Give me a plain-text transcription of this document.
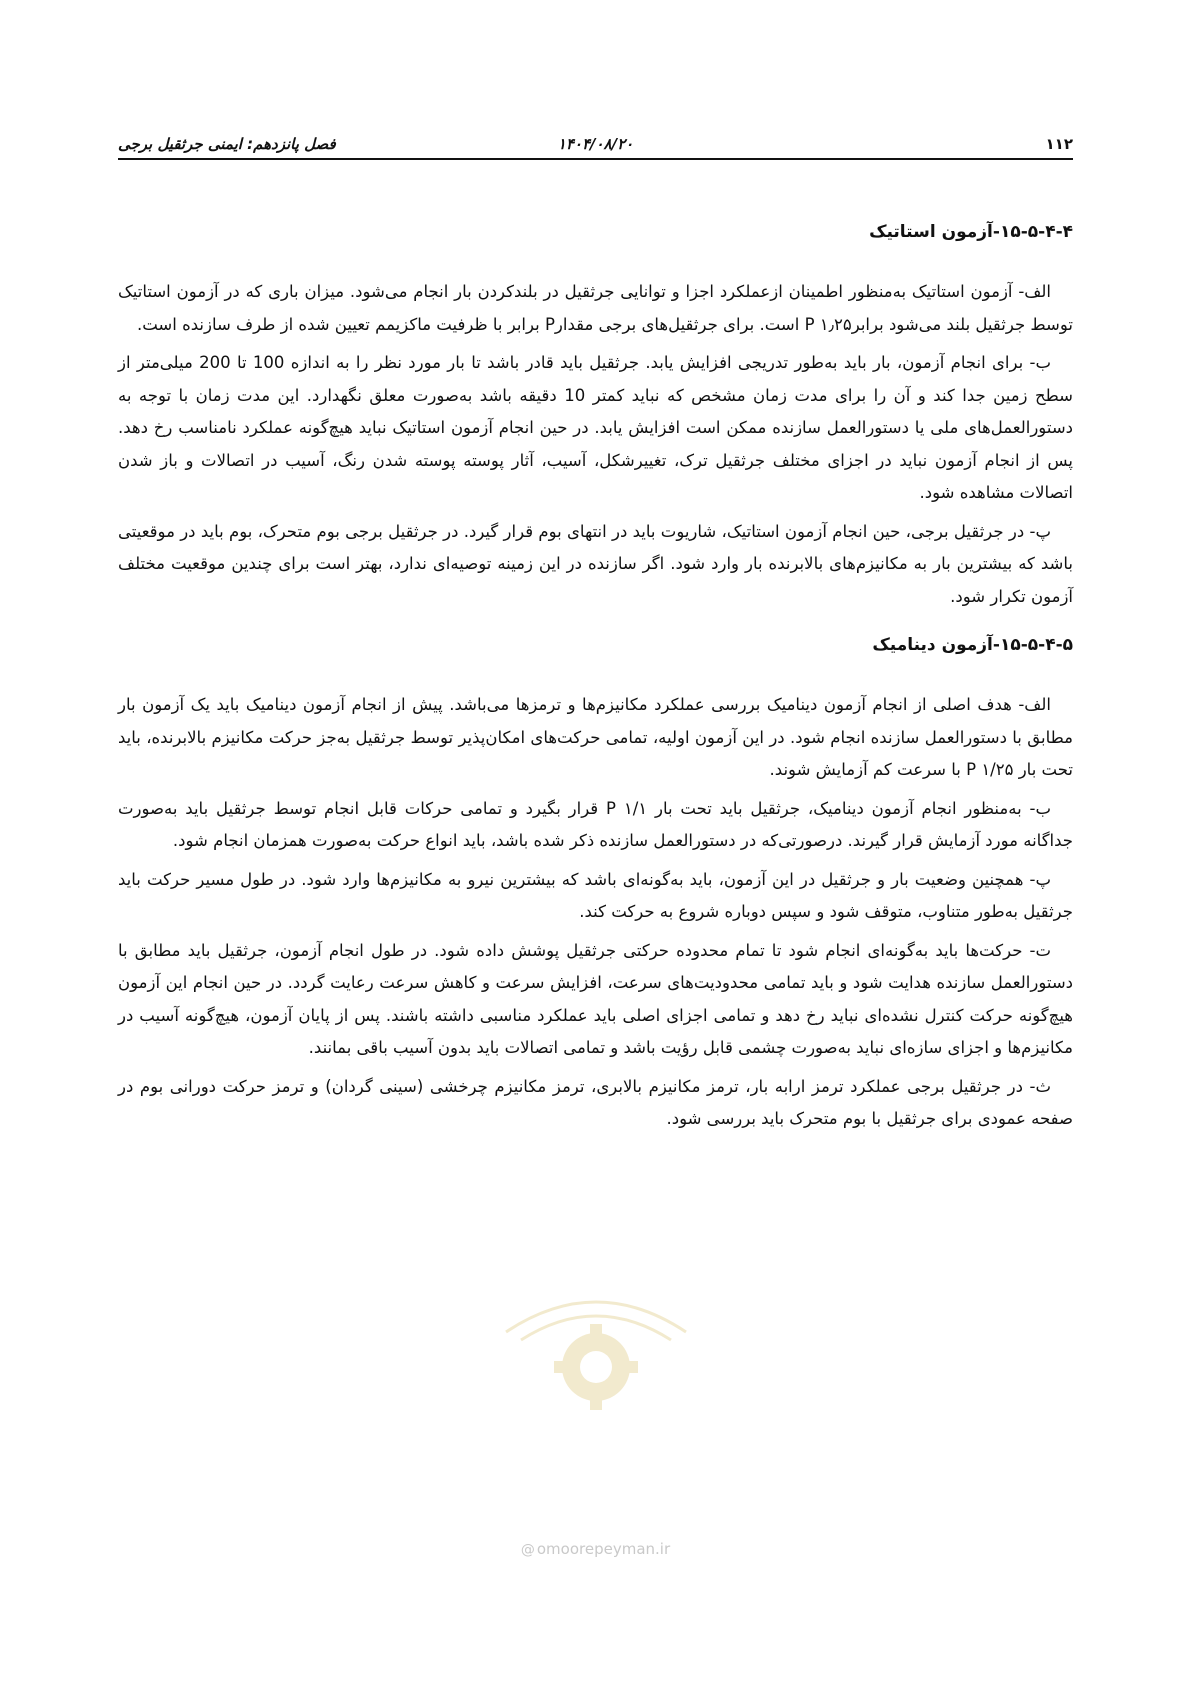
۱۱۲
۱۴۰۴/۰۸/۲۰
فصل پانزدهم: ایمنی جرثقیل برجی
۱۵-۵-۴-۴-آزمون استاتیک

الف- آزمون استاتیک به‌منظور اطمینان ازعملکرد اجزا و توانایی جرثقیل در بلندکردن بار انجام می‌شود. میزان باری که در آزمون استاتیک توسط جرثقیل بلند می‌شود برابرP ۱٫۲۵ است. برای جرثقیل‌های برجی مقدارP برابر با ظرفیت ماکزیمم تعیین شده از طرف سازنده است.

ب- برای انجام آزمون، بار باید به‌طور تدریجی افزایش یابد. جرثقیل باید قادر باشد تا بار مورد نظر را به اندازه 100 تا 200 میلی‌متر از سطح زمین جدا کند و آن را برای مدت زمان مشخص که نباید کمتر 10 دقیقه باشد به‌صورت معلق نگهدارد. این مدت زمان با توجه به دستورالعمل‌های ملی یا دستورالعمل سازنده ممکن است افزایش یابد. در حین انجام آزمون استاتیک نباید هیچ‌گونه عملکرد نامناسب رخ دهد. پس از انجام آزمون نباید در اجزای مختلف جرثقیل ترک، تغییرشکل، آسیب، آثار پوسته پوسته شدن رنگ، آسیب در اتصالات و باز شدن اتصالات مشاهده شود.

پ- در جرثقیل برجی، حین انجام آزمون استاتیک، شاریوت باید در انتهای بوم قرار گیرد. در جرثقیل برجی بوم متحرک، بوم باید در موقعیتی باشد که بیشترین بار به مکانیزم‌های بالابرنده بار وارد شود. اگر سازنده در این زمینه توصیه‌ای ندارد، بهتر است برای چندین موقعیت مختلف آزمون تکرار شود.

۱۵-۵-۴-۵-آزمون دینامیک

الف- هدف اصلی از انجام آزمون دینامیک بررسی عملکرد مکانیزم‌ها و ترمزها می‌باشد. پیش از انجام آزمون دینامیک باید یک آزمون بار مطابق با دستورالعمل سازنده انجام شود. در این آزمون اولیه، تمامی حرکت‌های امکان‌پذیر توسط جرثقیل به‌جز حرکت مکانیزم بالابرنده، باید تحت بار ۱/۲۵ P با سرعت کم آزمایش شوند.

ب- به‌منظور انجام آزمون دینامیک، جرثقیل باید تحت بار ۱/۱ P قرار بگیرد و تمامی حرکات قابل انجام توسط جرثقیل باید به‌صورت جداگانه مورد آزمایش قرار گیرند. درصورتی‌که در دستورالعمل سازنده ذکر شده باشد، باید انواع حرکت به‌صورت همزمان انجام شود.

پ- همچنین وضعیت بار و جرثقیل در این آزمون، باید به‌گونه‌ای باشد که بیشترین نیرو به مکانیزم‌ها وارد شود. در طول مسیر حرکت باید جرثقیل به‌طور متناوب، متوقف شود و سپس دوباره شروع به حرکت کند.

ت- حرکت‌ها باید به‌گونه‌ای انجام شود تا تمام محدوده حرکتی جرثقیل پوشش داده شود. در طول انجام آزمون، جرثقیل باید مطابق با دستورالعمل سازنده هدایت شود و باید تمامی محدودیت‌های سرعت، افزایش سرعت و کاهش سرعت رعایت گردد. در حین انجام این آزمون هیچ‌گونه حرکت کنترل نشده‌ای نباید رخ دهد و تمامی اجزای اصلی باید عملکرد مناسبی داشته باشند. پس از پایان آزمون، هیچ‌گونه آسیب در مکانیزم‌ها و اجزای سازه‌ای نباید به‌صورت چشمی قابل رؤیت باشد و تمامی اتصالات باید بدون آسیب باقی بمانند.

ث- در جرثقیل برجی عملکرد ترمز ارابه بار، ترمز مکانیزم بالابری، ترمز مکانیزم چرخشی (سینی گردان) و ترمز حرکت دورانی بوم در صفحه عمودی برای جرثقیل با بوم متحرک باید بررسی شود.

@ omoorepeyman.ir
